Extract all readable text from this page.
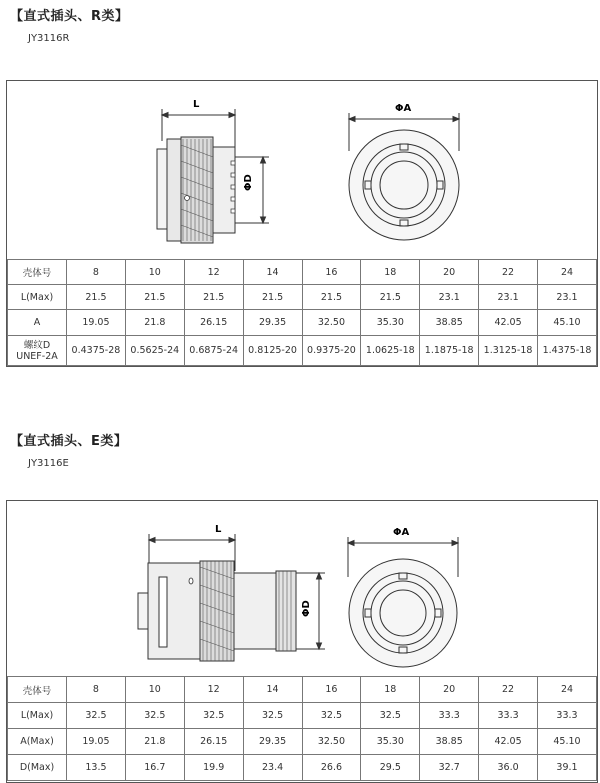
【直式插头、R类】
JY3116R
L
ΦD
ΦA
壳体号	8	10	12	14	16	18	20	22	24
L(Max)	21.5	21.5	21.5	21.5	21.5	21.5	23.1	23.1	23.1
A	19.05	21.8	26.15	29.35	32.50	35.30	38.85	42.05	45.10

螺纹D
UNEF-2A	0.4375-28	0.5625-24	0.6875-24	0.8125-20	0.9375-20	1.0625-18	1.1875-18	1.3125-18	1.4375-18
【直式插头、E类】
JY3116E
L
ΦD
ΦA
壳体号	8	10	12	14	16	18	20	22	24
L(Max)	32.5	32.5	32.5	32.5	32.5	32.5	33.3	33.3	33.3
A(Max)	19.05	21.8	26.15	29.35	32.50	35.30	38.85	42.05	45.10
D(Max)	13.5	16.7	19.9	23.4	26.6	29.5	32.7	36.0	39.1
